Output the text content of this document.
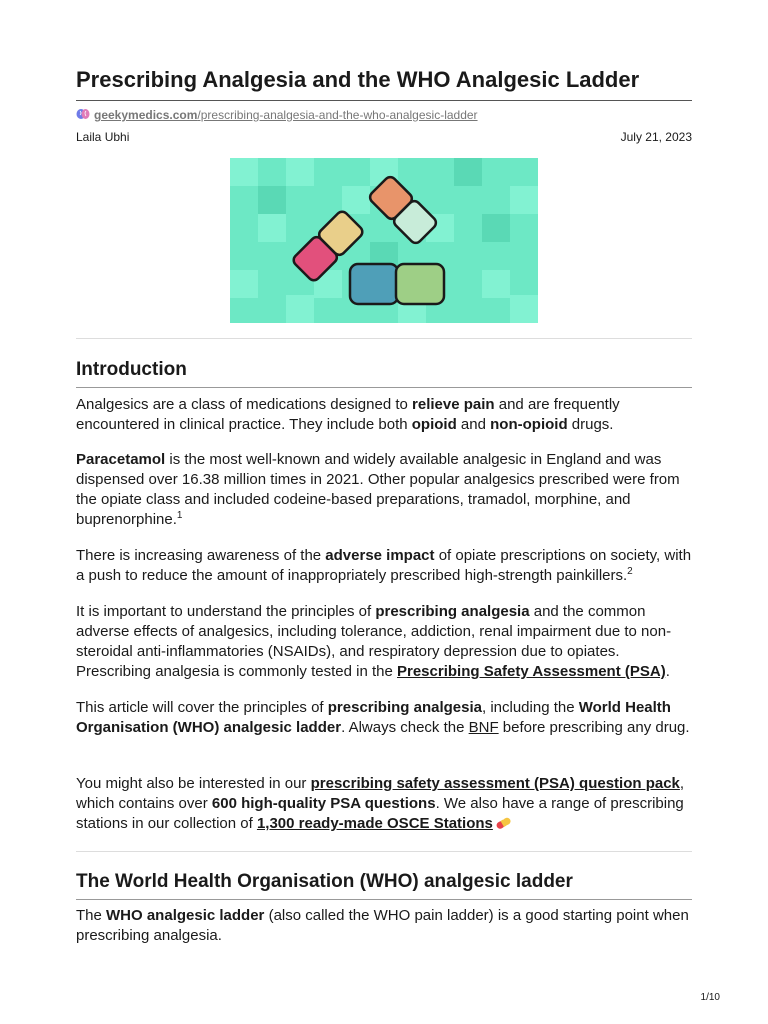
Prescribing Analgesia and the WHO Analgesic Ladder
geekymedics.com/prescribing-analgesia-and-the-who-analgesic-ladder
Laila Ubhi	July 21, 2023
Introduction

Analgesics are a class of medications designed to relieve pain and are frequently encountered in clinical practice. They include both opioid and non-opioid drugs.

Paracetamol is the most well-known and widely available analgesic in England and was dispensed over 16.38 million times in 2021. Other popular analgesics prescribed were from the opiate class and included codeine-based preparations, tramadol, morphine, and buprenorphine.$^1$

There is increasing awareness of the adverse impact of opiate prescriptions on society, with a push to reduce the amount of inappropriately prescribed high-strength painkillers.$^2$

It is important to understand the principles of prescribing analgesia and the common adverse effects of analgesics, including tolerance, addiction, renal impairment due to non-steroidal anti-inflammatories (NSAIDs), and respiratory depression due to opiates. Prescribing analgesia is commonly tested in the Prescribing Safety Assessment (PSA).

This article will cover the principles of prescribing analgesia, including the World Health Organisation (WHO) analgesic ladder. Always check the BNF before prescribing any drug.

You might also be interested in our prescribing safety assessment (PSA) question pack, which contains over 600 high-quality PSA questions. We also have a range of prescribing stations in our collection of 1,300 ready-made OSCE Stations

The World Health Organisation (WHO) analgesic ladder

The WHO analgesic ladder (also called the WHO pain ladder) is a good starting point when prescribing analgesia.

1/10
